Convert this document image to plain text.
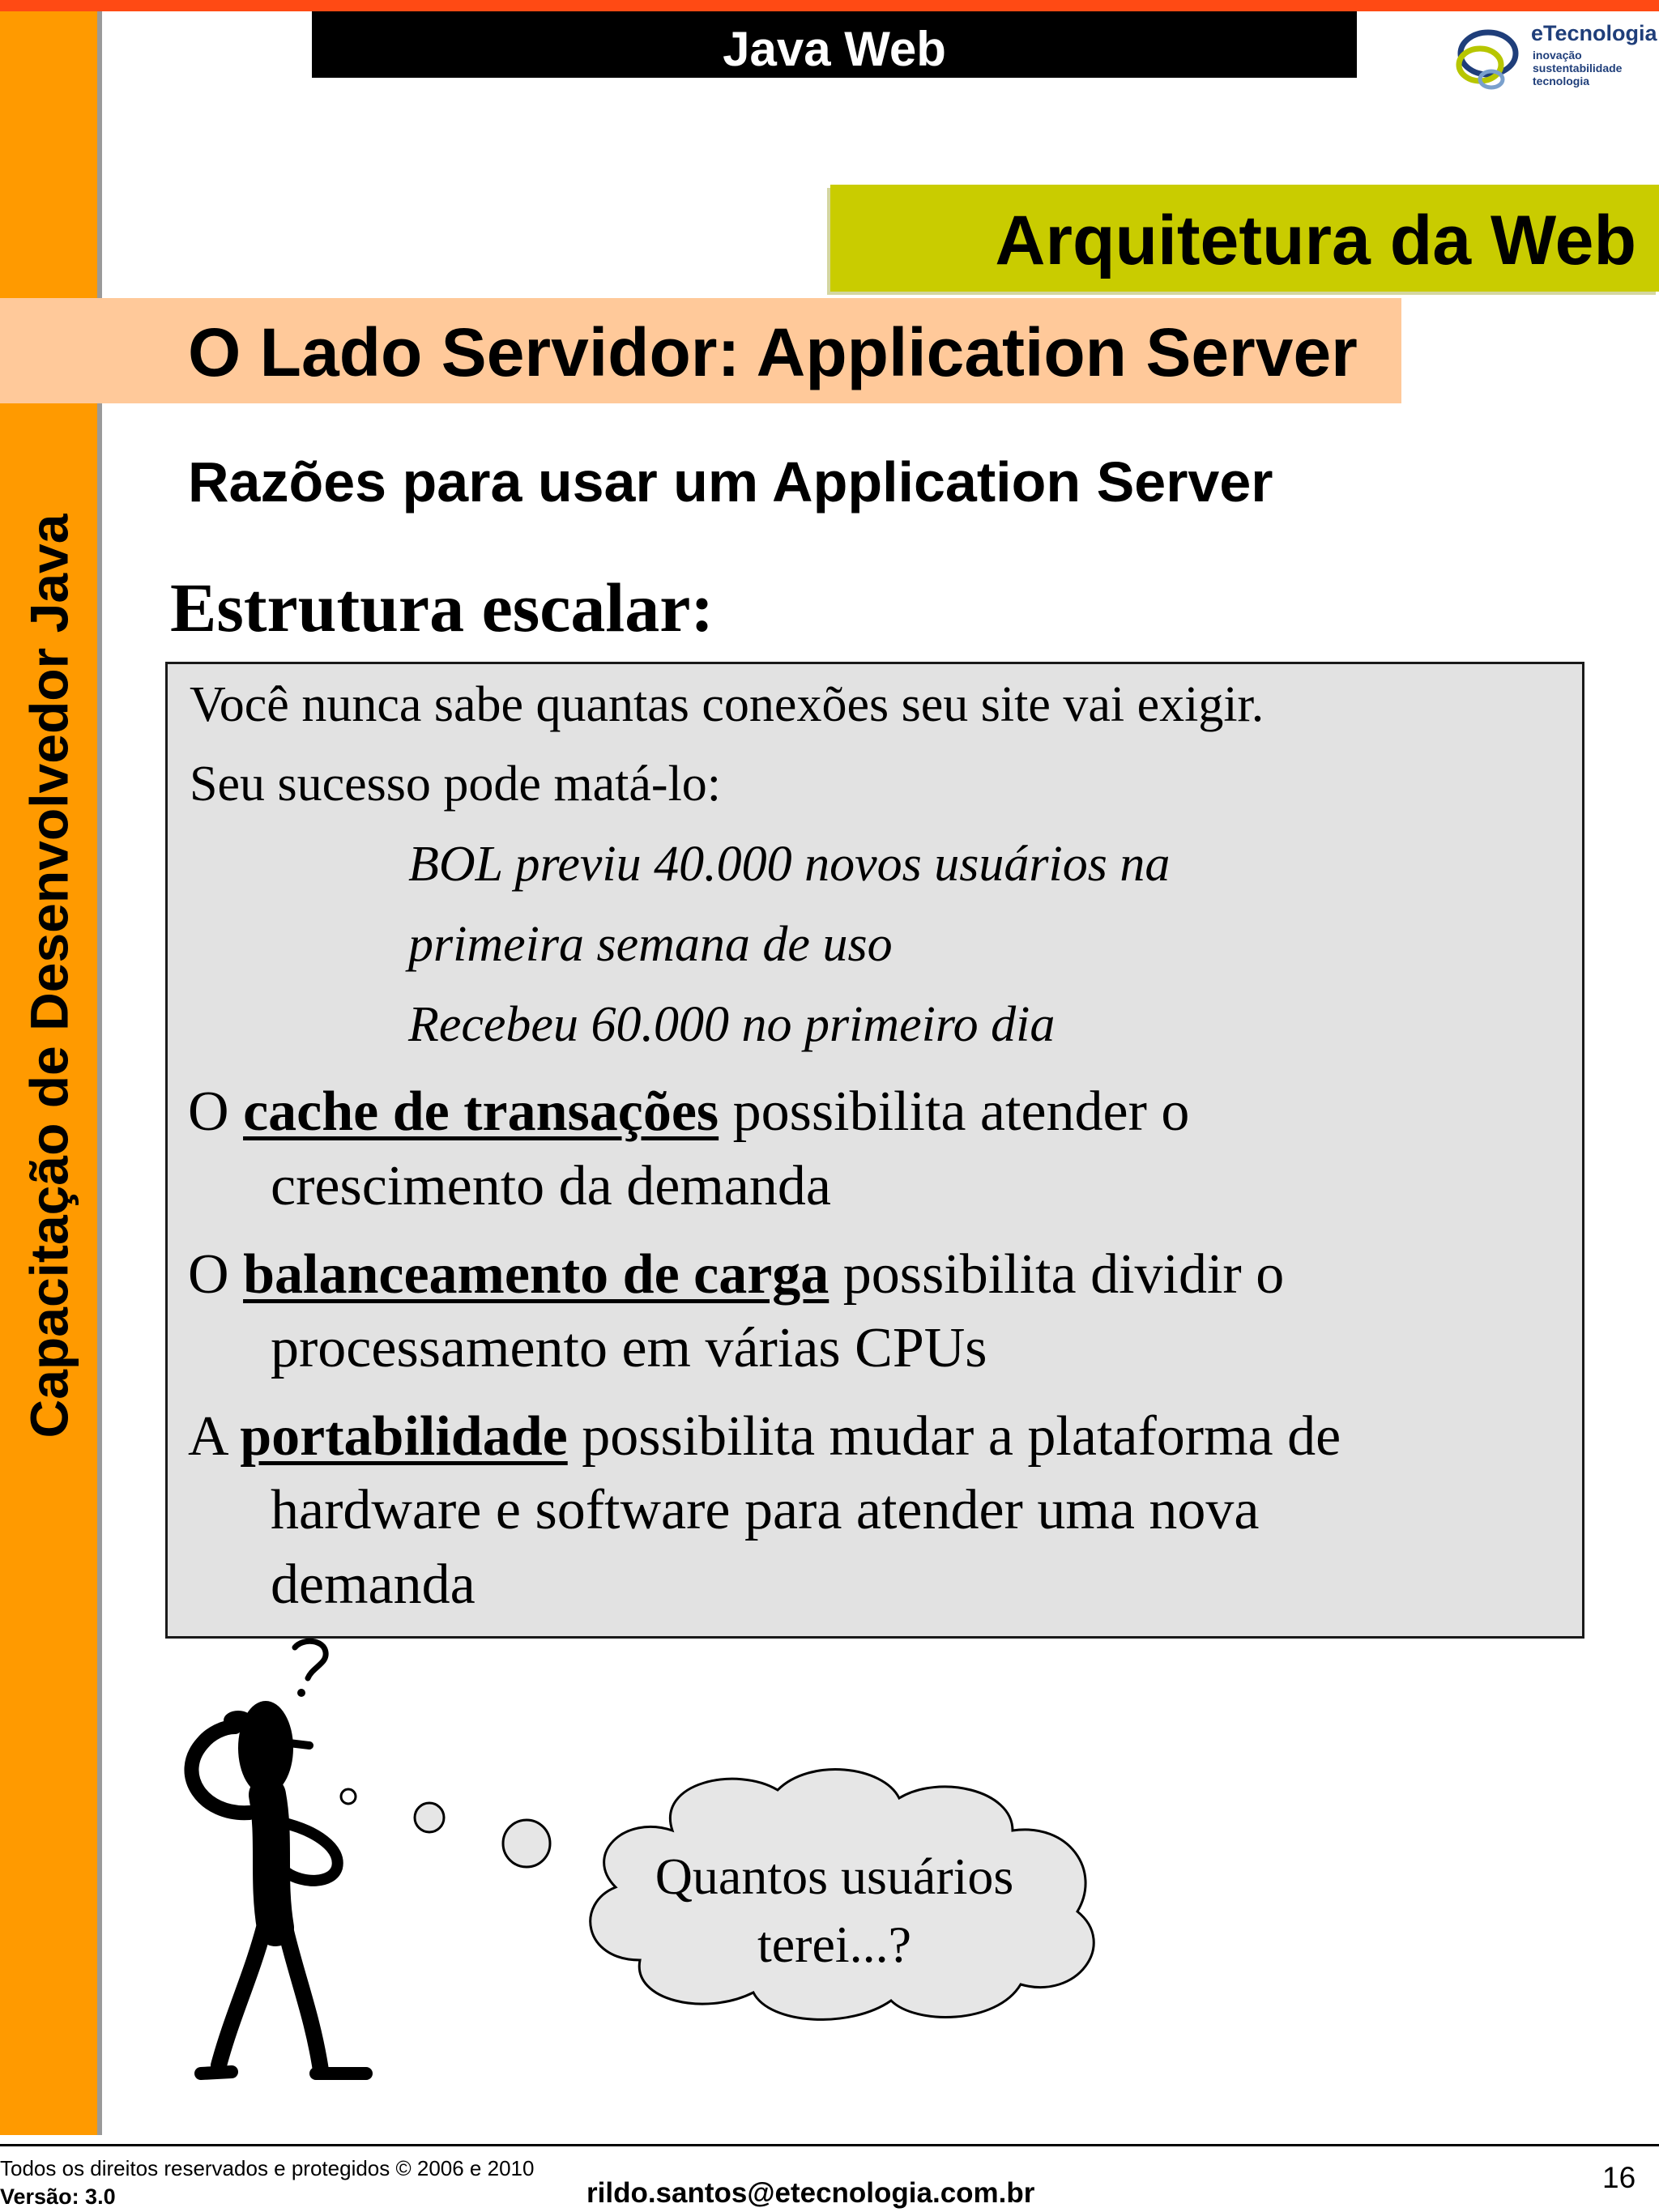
Capacitação de Desenvolvedor Java
Java Web	eTecnologia
inovação
sustentabilidade
tecnologia
Arquitetura da Web
O Lado Servidor: Application Server
Razões para usar um Application Server
Estrutura escalar:
Você nunca sabe quantas conexões seu site vai exigir.
Seu sucesso pode matá-lo:
BOL previu 40.000 novos usuários na
primeira semana de uso
Recebeu 60.000 no primeiro dia
O cache de transações possibilita atender o
crescimento da demanda
O balanceamento de carga possibilita dividir o
processamento em várias CPUs
A portabilidade possibilita mudar a plataforma de
hardware e software para atender uma nova
demanda
Quantos usuários
terei...?
Todos os direitos reservados e protegidos © 2006 e 2010
Versão: 3.0	rildo.santos@etecnologia.com.br	16
